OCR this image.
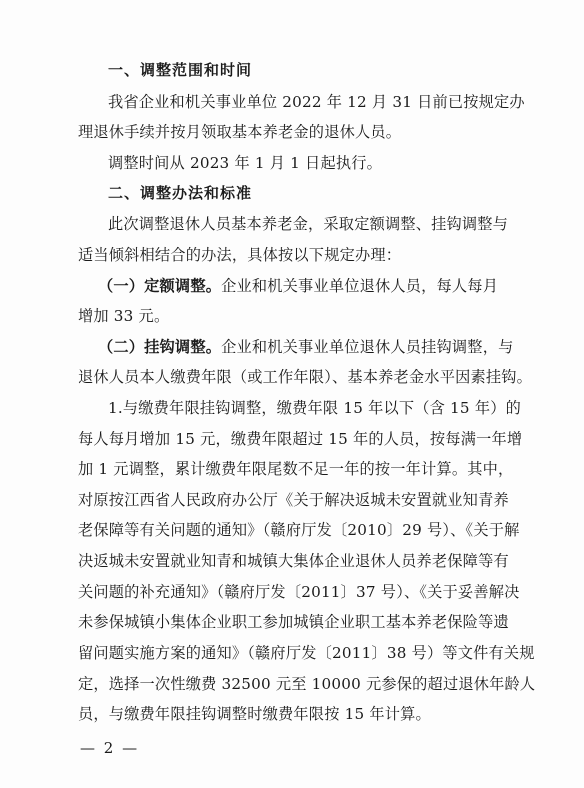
一、调整范围和时间
我省企业和机关事业单位 2022 年 12 月 31 日前已按规定办
理退休手续并按月领取基本养老金的退休人员。
调整时间从 2023 年 1 月 1 日起执行。
二、调整办法和标准
此次调整退休人员基本养老金，采取定额调整、挂钩调整与
适当倾斜相结合的办法，具体按以下规定办理：
（一）定额调整。企业和机关事业单位退休人员，每人每月
增加 33 元。
（二）挂钩调整。企业和机关事业单位退休人员挂钩调整，与
退休人员本人缴费年限（或工作年限）、基本养老金水平因素挂钩。
1.与缴费年限挂钩调整，缴费年限 15 年以下（含 15 年）的
每人每月增加 15 元，缴费年限超过 15 年的人员，按每满一年增
加 1 元调整，累计缴费年限尾数不足一年的按一年计算。其中，
对原按江西省人民政府办公厅《关于解决返城未安置就业知青养
老保障等有关问题的通知》（赣府厅发〔2010〕29 号）、《关于解
决返城未安置就业知青和城镇大集体企业退休人员养老保障等有
关问题的补充通知》（赣府厅发〔2011〕37 号）、《关于妥善解决
未参保城镇小集体企业职工参加城镇企业职工基本养老保险等遗
留问题实施方案的通知》（赣府厅发〔2011〕38 号）等文件有关规
定，选择一次性缴费 32500 元至 10000 元参保的超过退休年龄人
员，与缴费年限挂钩调整时缴费年限按 15 年计算。
— 2 —
